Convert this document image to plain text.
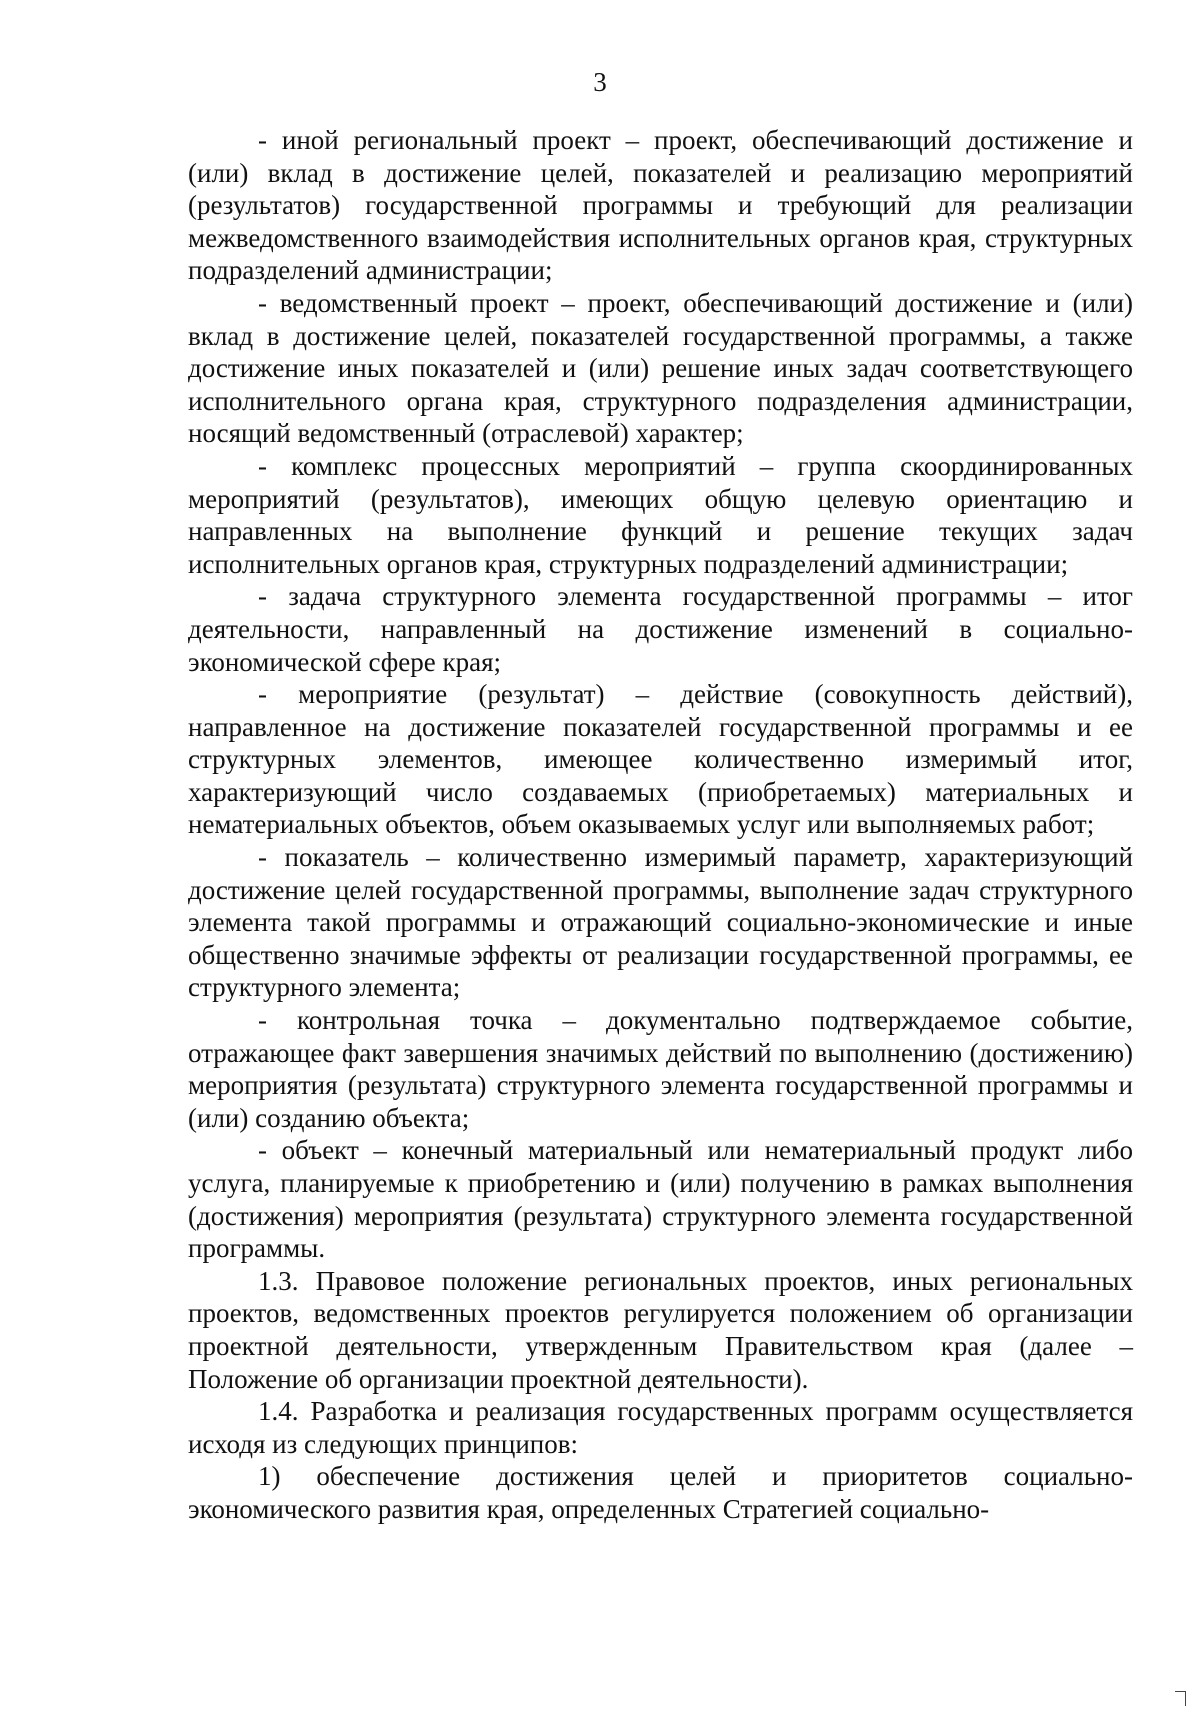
3

- иной региональный проект – проект, обеспечивающий достижение и (или) вклад в достижение целей, показателей и реализацию мероприятий (результатов) государственной программы и требующий для реализации межведомственного взаимодействия исполнительных органов края, структурных подразделений администрации;

- ведомственный проект – проект, обеспечивающий достижение и (или) вклад в достижение целей, показателей государственной программы, а также достижение иных показателей и (или) решение иных задач соответствующего исполнительного органа края, структурного подразделения администрации, носящий ведомственный (отраслевой) характер;

- комплекс процессных мероприятий – группа скоординированных мероприятий (результатов), имеющих общую целевую ориентацию и направленных на выполнение функций и решение текущих задач исполнительных органов края, структурных подразделений администрации;

- задача структурного элемента государственной программы – итог деятельности, направленный на достижение изменений в социально-экономической сфере края;

- мероприятие (результат) – действие (совокупность действий), направленное на достижение показателей государственной программы и ее структурных элементов, имеющее количественно измеримый итог, характеризующий число создаваемых (приобретаемых) материальных и нематериальных объектов, объем оказываемых услуг или выполняемых работ;

- показатель – количественно измеримый параметр, характеризующий достижение целей государственной программы, выполнение задач структурного элемента такой программы и отражающий социально-экономические и иные общественно значимые эффекты от реализации государственной программы, ее структурного элемента;

- контрольная точка – документально подтверждаемое событие, отражающее факт завершения значимых действий по выполнению (достижению) мероприятия (результата) структурного элемента государственной программы и (или) созданию объекта;

- объект – конечный материальный или нематериальный продукт либо услуга, планируемые к приобретению и (или) получению в рамках выполнения (достижения) мероприятия (результата) структурного элемента государственной программы.

1.3. Правовое положение региональных проектов, иных региональных проектов, ведомственных проектов регулируется положением об организации проектной деятельности, утвержденным Правительством края (далее – Положение об организации проектной деятельности).

1.4. Разработка и реализация государственных программ осуществляется исходя из следующих принципов:

1) обеспечение достижения целей и приоритетов социально-экономического развития края, определенных Стратегией социально-
